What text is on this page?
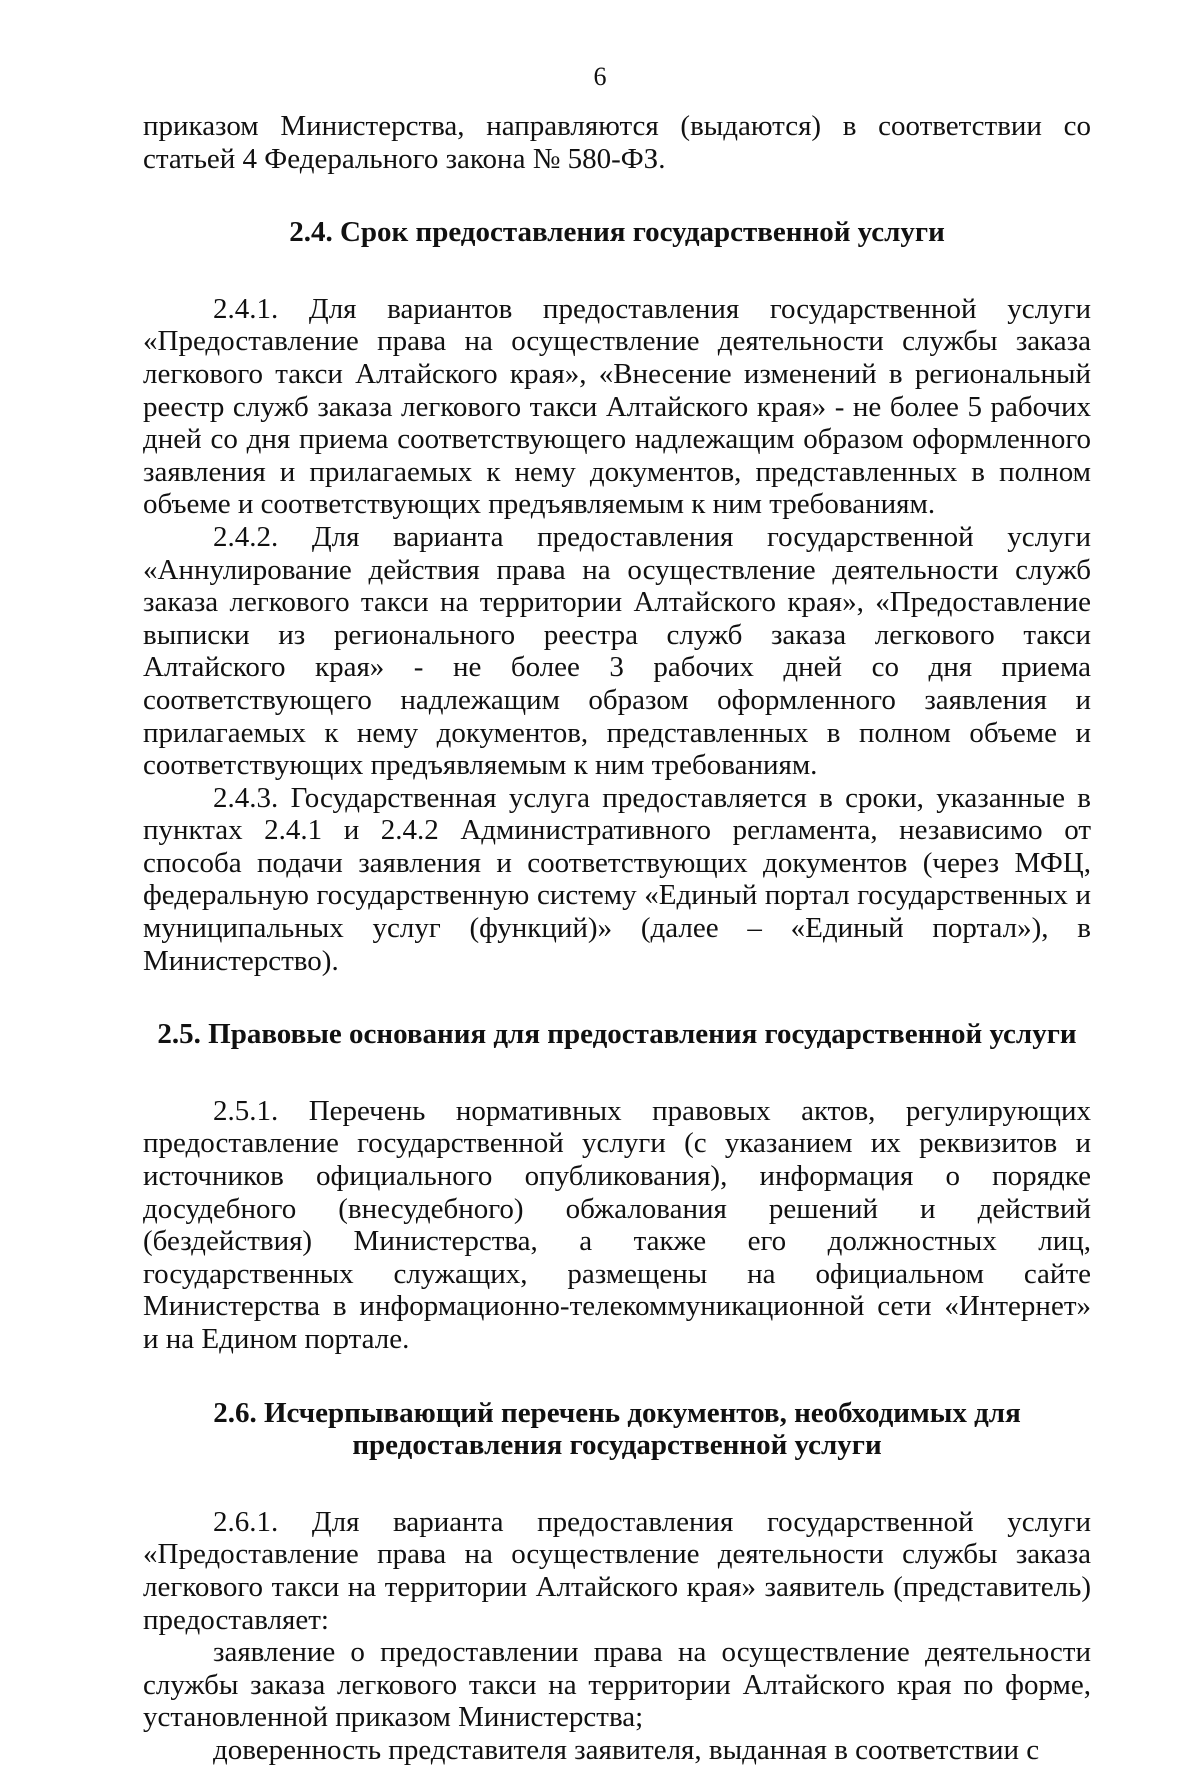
6

приказом Министерства, направляются (выдаются) в соответствии со статьей 4 Федерального закона № 580-ФЗ.

2.4. Срок предоставления государственной услуги

2.4.1. Для вариантов предоставления государственной услуги «Предоставление права на осуществление деятельности службы заказа легкового такси Алтайского края», «Внесение изменений в региональный реестр служб заказа легкового такси Алтайского края» - не более 5 рабочих дней со дня приема соответствующего надлежащим образом оформленного заявления и прилагаемых к нему документов, представленных в полном объеме и соответствующих предъявляемым к ним требованиям.

2.4.2. Для варианта предоставления государственной услуги «Аннулирование действия права на осуществление деятельности служб заказа легкового такси на территории Алтайского края», «Предоставление выписки из регионального реестра служб заказа легкового такси Алтайского края» - не более 3 рабочих дней со дня приема соответствующего надлежащим образом оформленного заявления и прилагаемых к нему документов, представленных в полном объеме и соответствующих предъявляемым к ним требованиям.

2.4.3. Государственная услуга предоставляется в сроки, указанные в пунктах 2.4.1 и 2.4.2 Административного регламента, независимо от способа подачи заявления и соответствующих документов (через МФЦ, федеральную государственную систему «Единый портал государственных и муниципальных услуг (функций)» (далее – «Единый портал»), в Министерство).

2.5. Правовые основания для предоставления государственной услуги

2.5.1. Перечень нормативных правовых актов, регулирующих предоставление государственной услуги (с указанием их реквизитов и источников официального опубликования), информация о порядке досудебного (внесудебного) обжалования решений и действий (бездействия) Министерства, а также его должностных лиц, государственных служащих, размещены на официальном сайте Министерства в информационно-телекоммуникационной сети «Интернет» и на Едином портале.

2.6. Исчерпывающий перечень документов, необходимых для предоставления государственной услуги

2.6.1. Для варианта предоставления государственной услуги «Предоставление права на осуществление деятельности службы заказа легкового такси на территории Алтайского края» заявитель (представитель) предоставляет:

заявление о предоставлении права на осуществление деятельности службы заказа легкового такси на территории Алтайского края по форме, установленной приказом Министерства;

доверенность представителя заявителя, выданная в соответствии с
